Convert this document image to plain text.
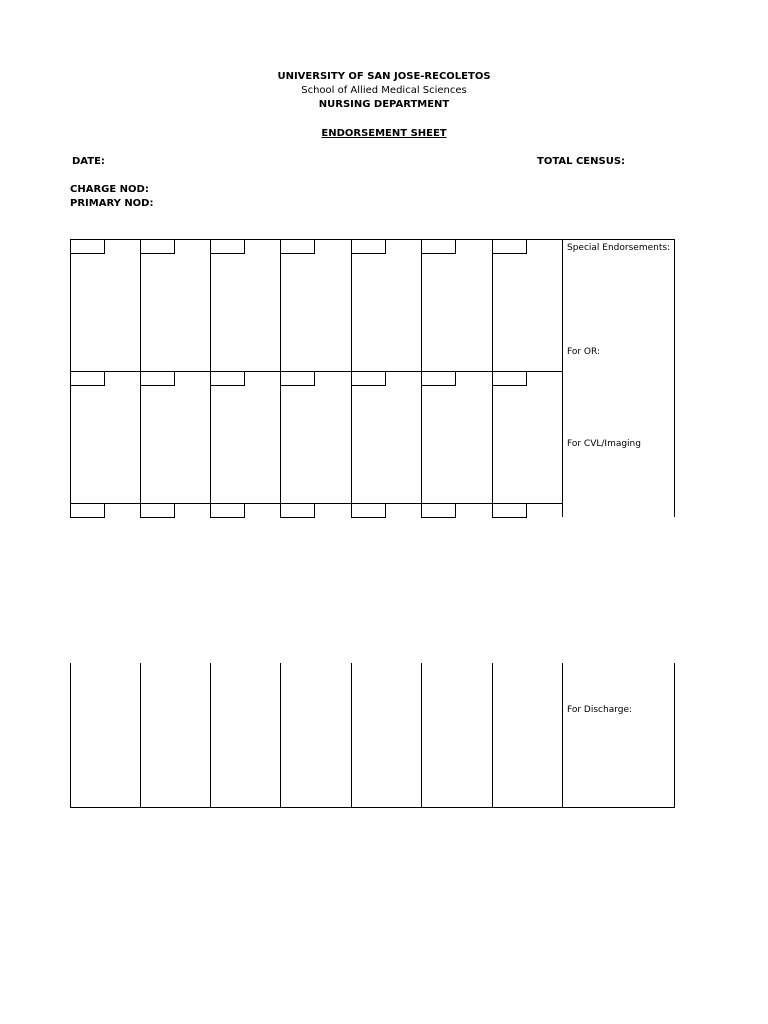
UNIVERSITY OF SAN JOSE-RECOLETOS
School of Allied Medical Sciences
NURSING DEPARTMENT
ENDORSEMENT SHEET
DATE:	TOTAL CENSUS:
CHARGE NOD:
PRIMARY NOD:
Special Endorsements:
For OR:
For CVL/Imaging
For Discharge:
